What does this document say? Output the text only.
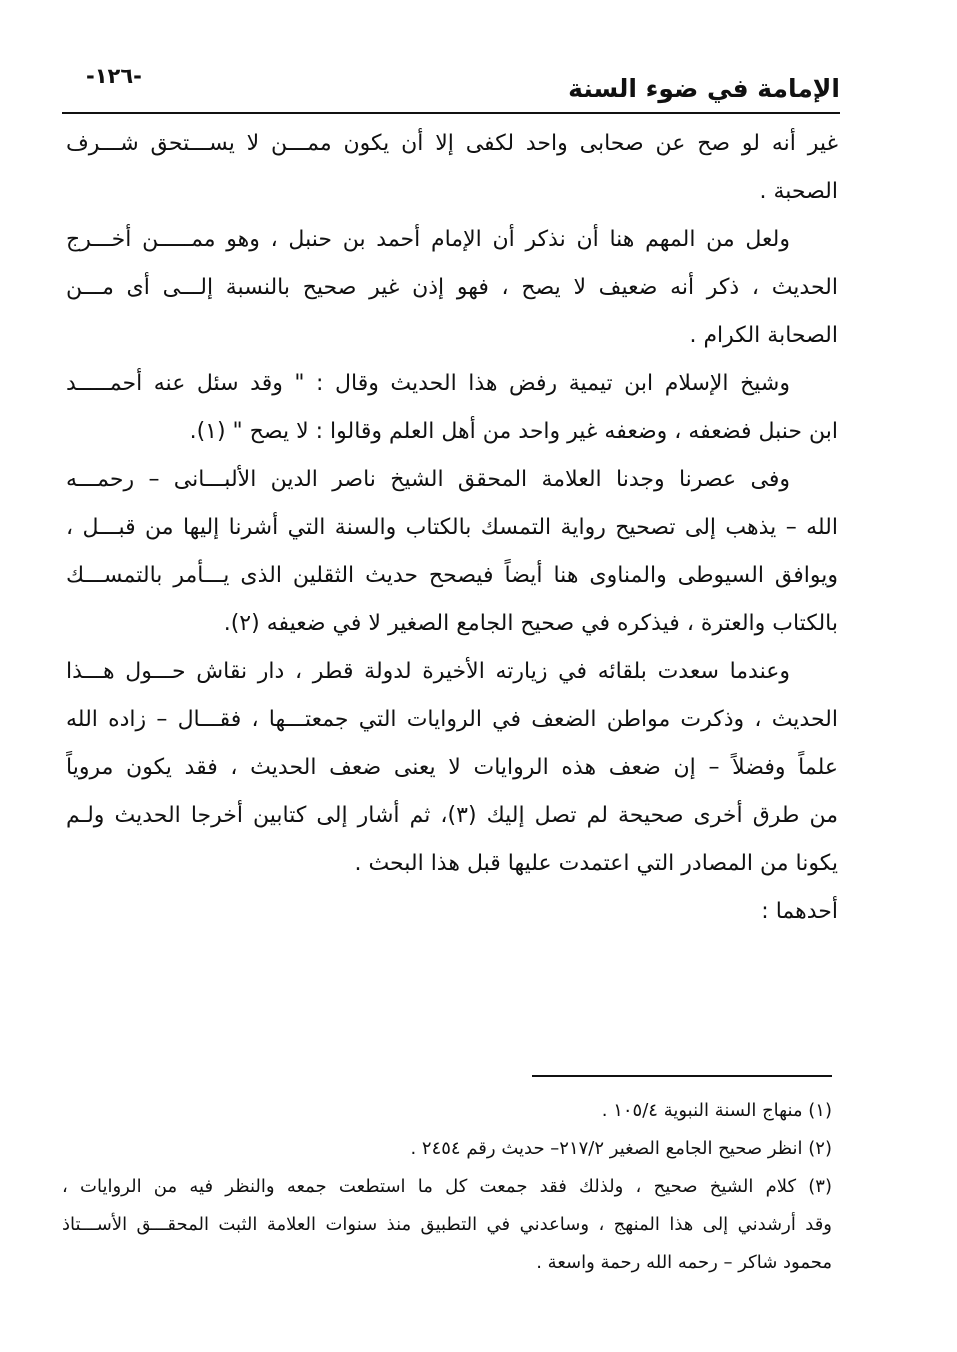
الإمامة في ضوء السنة
-١٢٦-
غير أنه لو صح عن صحابى واحد لكفى إلا أن يكون ممـــن لا يســـتحق شـــرف
الصحبة .
ولعل من المهم هنا أن نذكر أن الإمام أحمد بن حنبل ، وهو ممـــــن أخـــرج
الحديث ، ذكر أنه ضعيف لا يصح ، فهو إذن غير صحيح بالنسبة إلـــى أى مـــن
الصحابة الكرام .
وشيخ الإسلام ابن تيمية رفض هذا الحديث وقال : " وقد سئل عنه أحمـــــد
ابن حنبل فضعفه ، وضعفه غير واحد من أهل العلم وقالوا : لا يصح " (١).
وفى عصرنا وجدنا العلامة المحقق الشيخ ناصر الدين الألبـــانى – رحمـــه
الله – يذهب إلى تصحيح رواية التمسك بالكتاب والسنة التي أشرنا إليها من قبـــل ،
ويوافق السيوطى والمناوى هنا أيضاً فيصحح حديث الثقلين الذى يـــأمر بالتمســـك
بالكتاب والعترة ، فيذكره في صحيح الجامع الصغير لا في ضعيفه (٢).
وعندما سعدت بلقائه في زيارته الأخيرة لدولة قطر ، دار نقاش حـــول هـــذا
الحديث ، وذكرت مواطن الضعف في الروايات التي جمعتـــها ، فقـــال – زاده الله
علماً وفضلاً – إن ضعف هذه الروايات لا يعنى ضعف الحديث ، فقد يكون مروياً
من طرق أخرى صحيحة لم تصل إليك (٣)، ثم أشار إلى كتابين أخرجا الحديث ولـم
يكونا من المصادر التي اعتمدت عليها قبل هذا البحث .
أحدهما :
(١) منهاج السنة النبوية ١٠٥/٤ .
(٢) انظر صحيح الجامع الصغير ٢١٧/٢– حديث رقم ٢٤٥٤ .
(٣) كلام الشيخ صحيح ، ولذلك فقد جمعت كل ما استطعت جمعه والنظر فيه من الروايات ،
وقد أرشدني إلى هذا المنهج ، وساعدني في التطبيق منذ سنوات العلامة الثبت المحقـــق الأســـتاذ
محمود شاكر – رحمه الله رحمة واسعة .
